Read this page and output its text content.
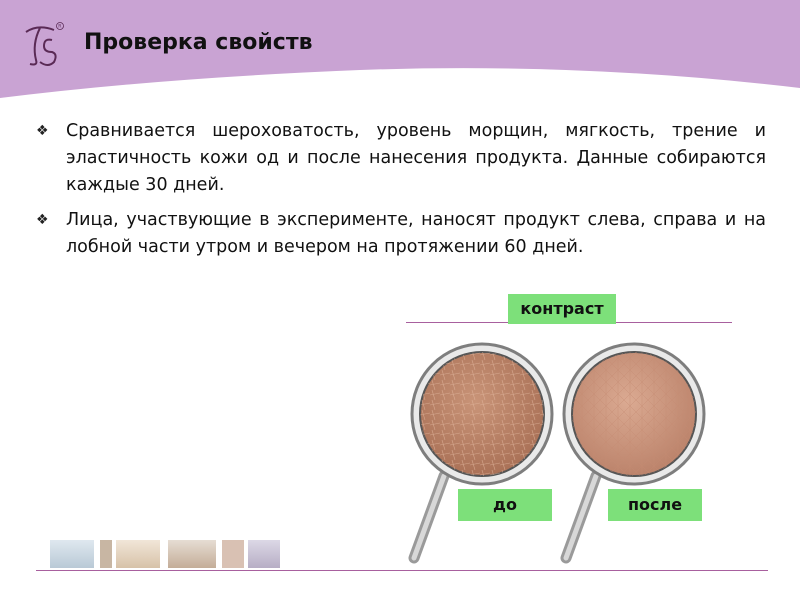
R
Проверка свойств
❖ Сравнивается шероховатость, уровень морщин, мягкость, трение и эластичность кожи од и после нанесения продукта. Данные собираются каждые 30 дней.
❖ Лица, участвующие в эксперименте, наносят продукт слева, справа и на лобной части утром и вечером на протяжении 60 дней.
контраст
до	после
